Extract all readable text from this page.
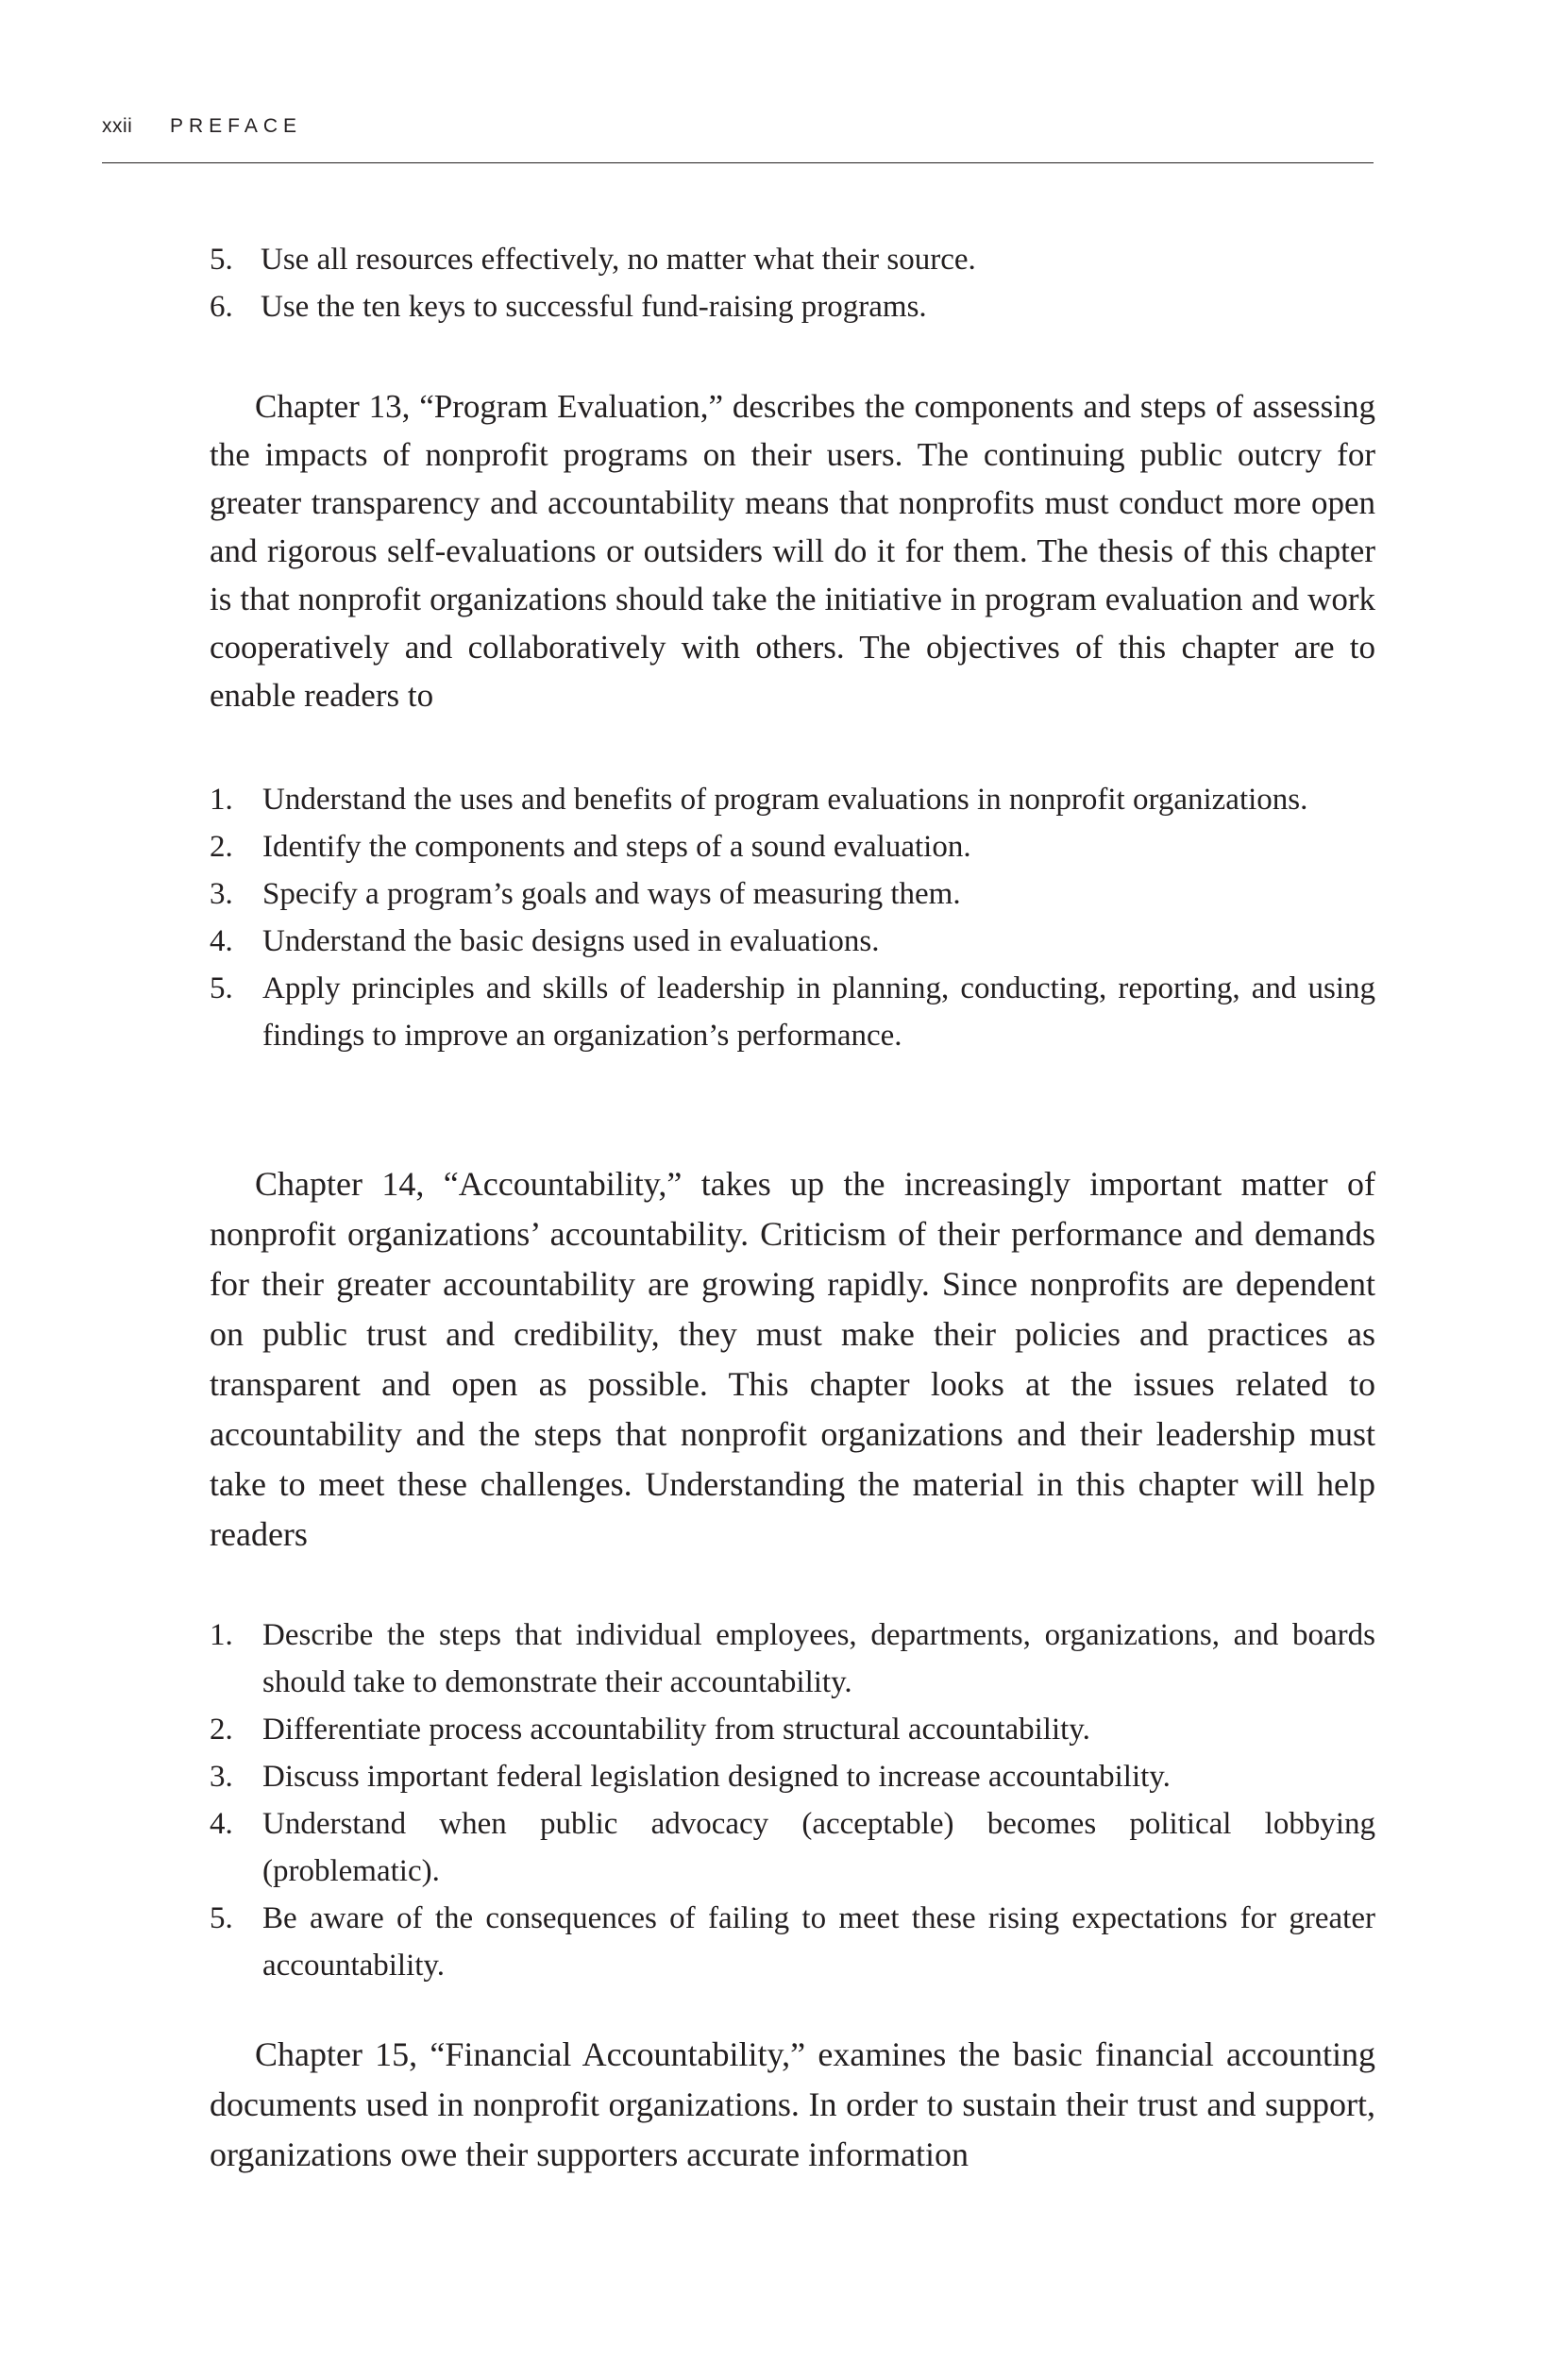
xxii	PREFACE
5. Use all resources effectively, no matter what their source.
6. Use the ten keys to successful fund-raising programs.

Chapter 13, “Program Evaluation,” describes the components and steps of assessing the impacts of nonprofit programs on their users. The continuing public outcry for greater transparency and accountability means that nonprofits must conduct more open and rigorous self-evaluations or outsiders will do it for them. The thesis of this chapter is that nonprofit organizations should take the initiative in program evaluation and work cooperatively and collaboratively with others. The objectives of this chapter are to enable readers to

1. Understand the uses and benefits of program evaluations in nonprofit organizations.
2. Identify the components and steps of a sound evaluation.
3. Specify a program’s goals and ways of measuring them.
4. Understand the basic designs used in evaluations.
5. Apply principles and skills of leadership in planning, conducting, reporting, and using findings to improve an organization’s performance.

Chapter 14, “Accountability,” takes up the increasingly important matter of nonprofit organizations’ accountability. Criticism of their performance and demands for their greater accountability are growing rapidly. Since nonprofits are dependent on public trust and credibility, they must make their policies and practices as transparent and open as possible. This chapter looks at the issues related to accountability and the steps that nonprofit organizations and their leadership must take to meet these challenges. Understanding the material in this chapter will help readers

1. Describe the steps that individual employees, departments, organizations, and boards should take to demonstrate their accountability.
2. Differentiate process accountability from structural accountability.
3. Discuss important federal legislation designed to increase accountability.
4. Understand when public advocacy (acceptable) becomes political lobbying (problematic).
5. Be aware of the consequences of failing to meet these rising expectations for greater accountability.

Chapter 15, “Financial Accountability,” examines the basic financial accounting documents used in nonprofit organizations. In order to sustain their trust and support, organizations owe their supporters accurate information
